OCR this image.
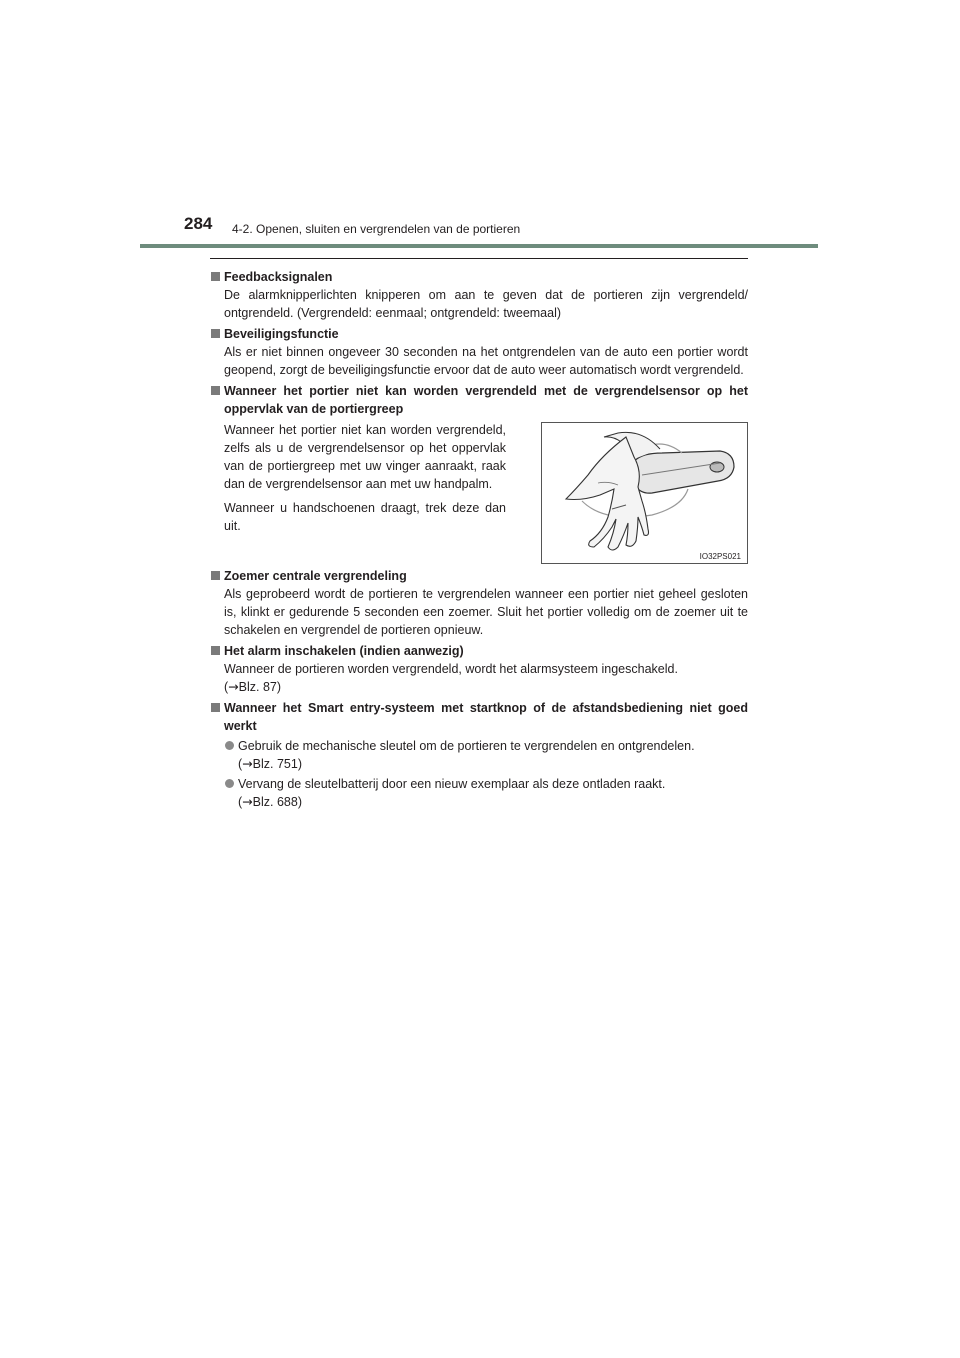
284 4-2. Openen, sluiten en vergrendelen van de portieren
Feedbacksignalen
De alarmknipperlichten knipperen om aan te geven dat de portieren zijn vergrendeld/ ontgrendeld. (Vergrendeld: eenmaal; ontgrendeld: tweemaal)
Beveiligingsfunctie
Als er niet binnen ongeveer 30 seconden na het ontgrendelen van de auto een portier wordt geopend, zorgt de beveiligingsfunctie ervoor dat de auto weer automatisch wordt vergrendeld.
Wanneer het portier niet kan worden vergrendeld met de vergrendelsensor op het oppervlak van de portiergreep

Wanneer het portier niet kan worden vergrendeld, zelfs als u de vergrendelsensor op het oppervlak van de portiergreep met uw vinger aanraakt, raak dan de vergrendelsensor aan met uw handpalm.

Wanneer u handschoenen draagt, trek deze dan uit.

IO32PS021
Zoemer centrale vergrendeling
Als geprobeerd wordt de portieren te vergrendelen wanneer een portier niet geheel gesloten is, klinkt er gedurende 5 seconden een zoemer. Sluit het portier volledig om de zoemer uit te schakelen en vergrendel de portieren opnieuw.
Het alarm inschakelen (indien aanwezig)
Wanneer de portieren worden vergrendeld, wordt het alarmsysteem ingeschakeld.
(→Blz. 87)
Wanneer het Smart entry-systeem met startknop of de afstandsbediening niet goed werkt
Gebruik de mechanische sleutel om de portieren te vergrendelen en ontgrendelen.
(→Blz. 751)
Vervang de sleutelbatterij door een nieuw exemplaar als deze ontladen raakt.
(→Blz. 688)
